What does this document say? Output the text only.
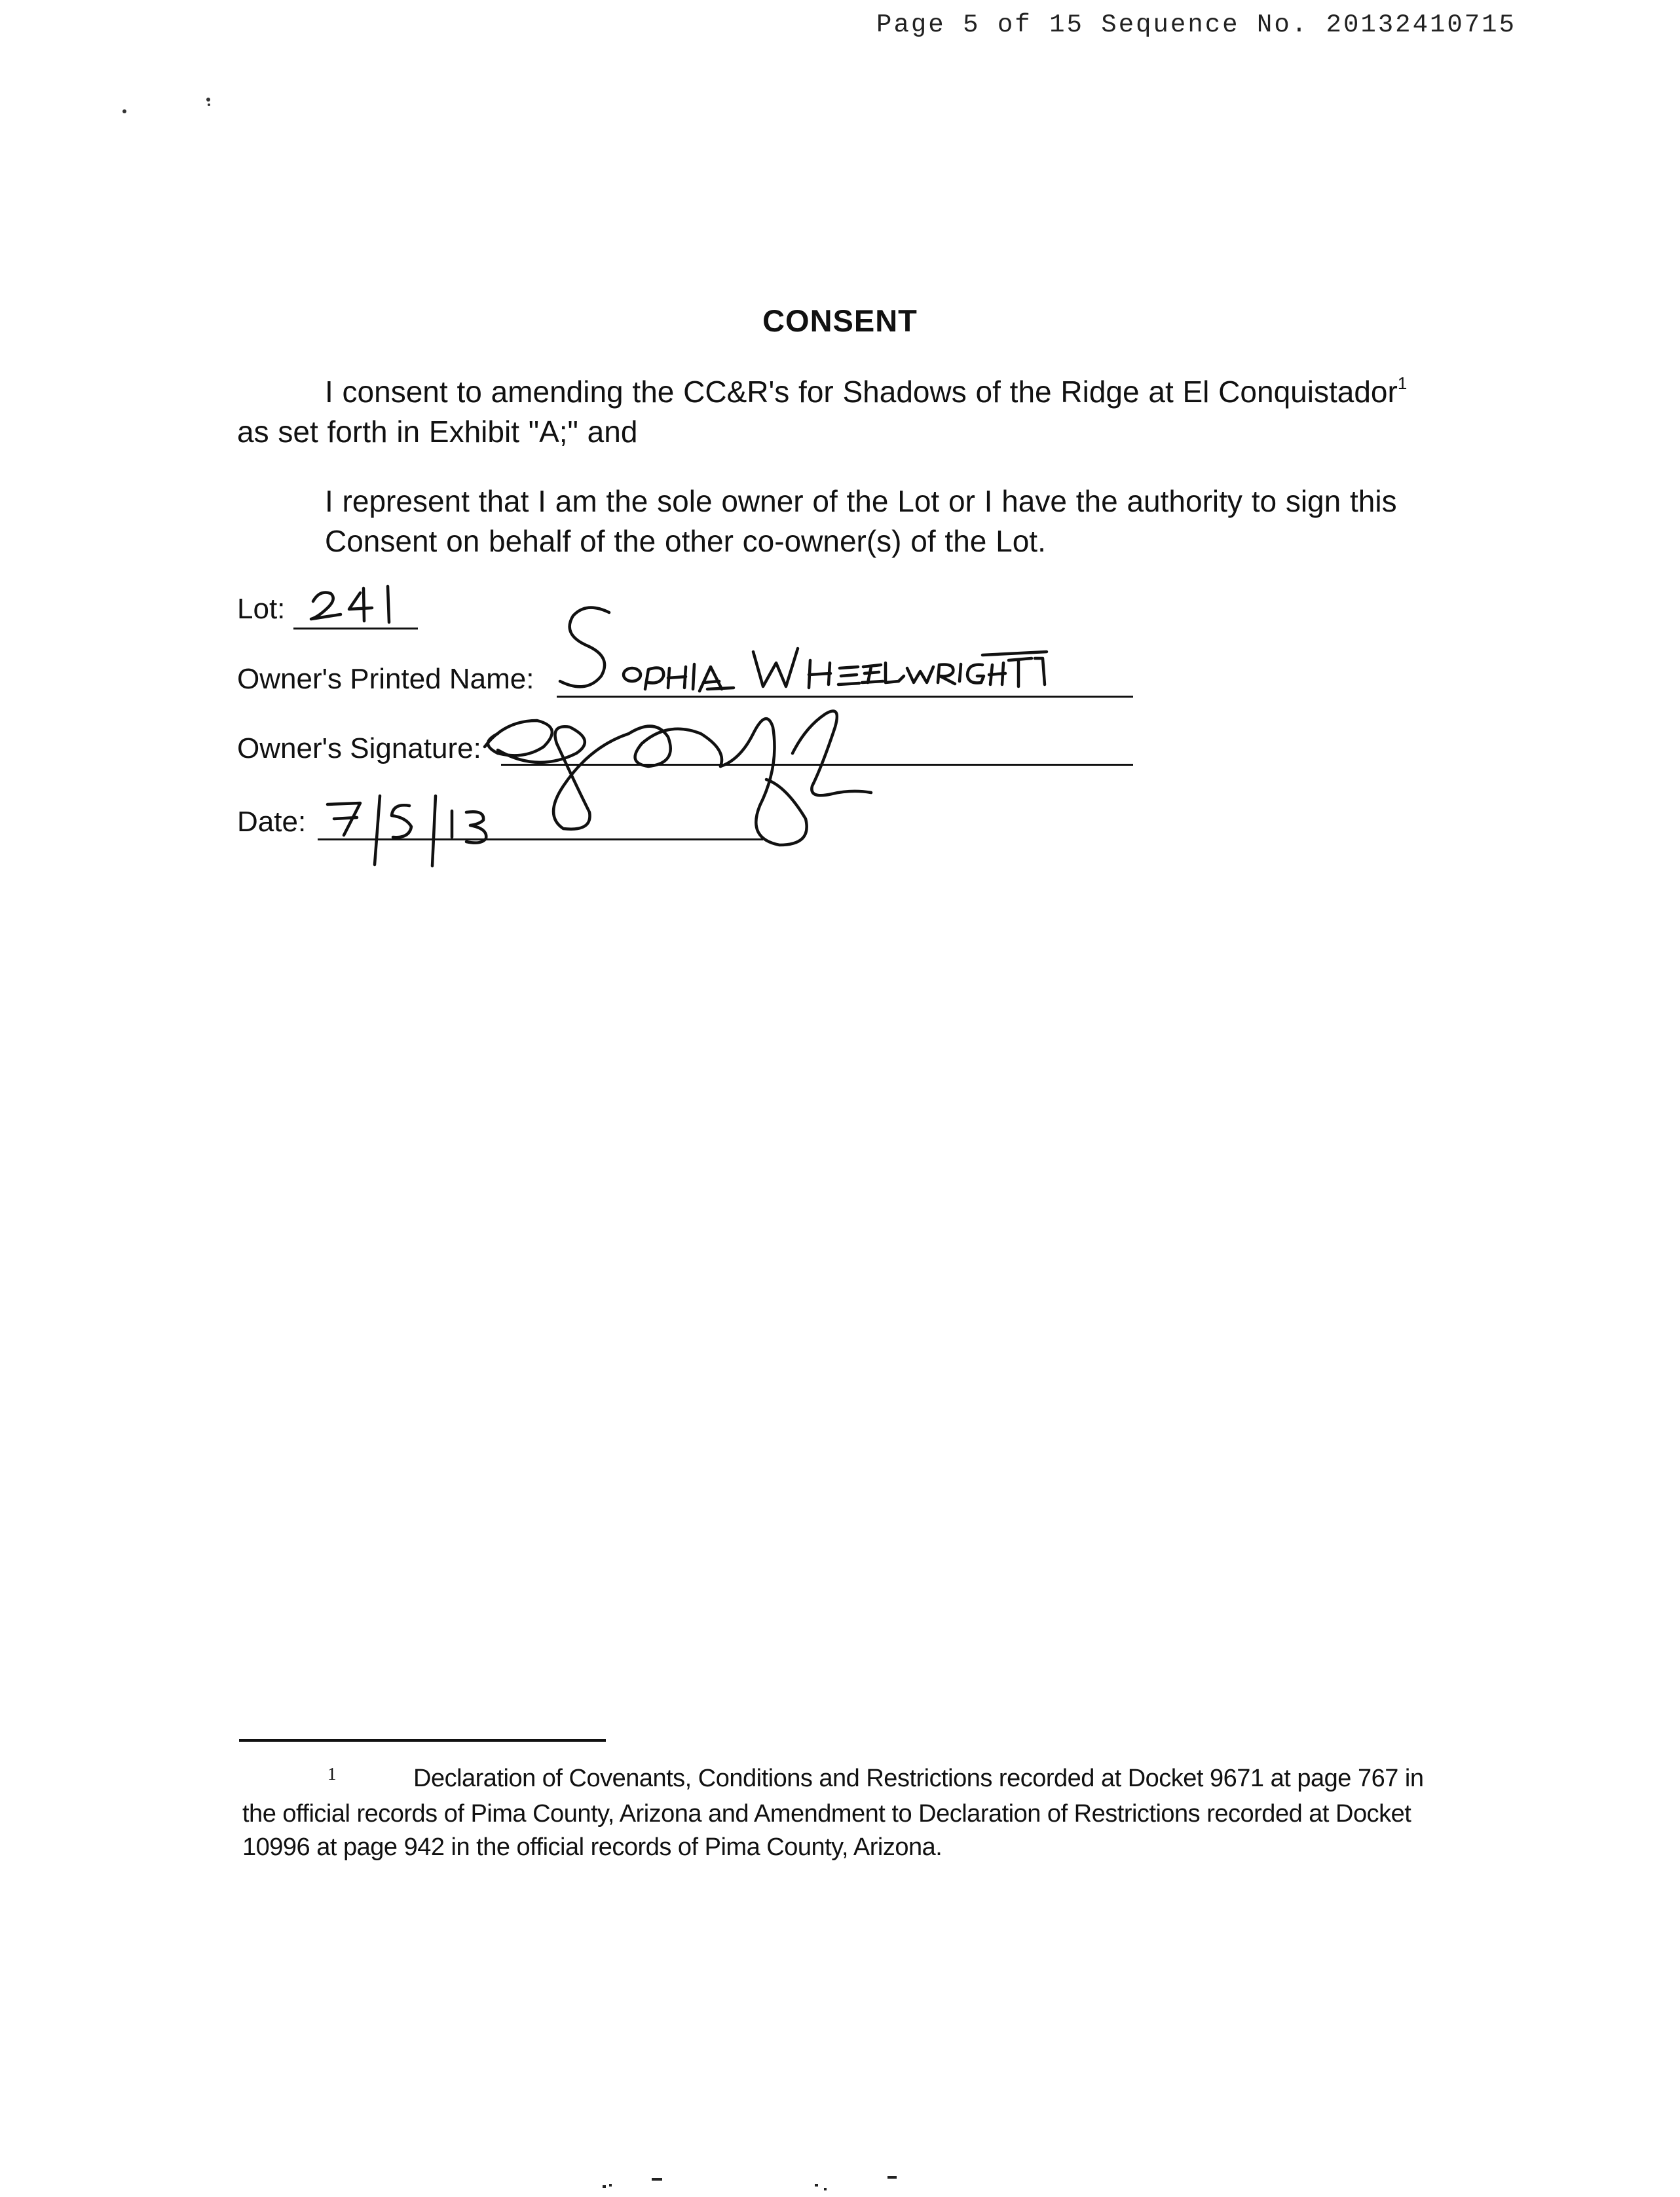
Page 5 of 15 Sequence No. 20132410715
CONSENT
I consent to amending the CC&R's for Shadows of the Ridge at El Conquistador$^1$
as set forth in Exhibit "A;" and
I represent that I am the sole owner of the Lot or I have the authority to sign this Consent on behalf of the other co-owner(s) of the Lot.
Lot:
Owner's Printed Name:
Owner's Signature:
Date:
$^1$	Declaration of Covenants, Conditions and Restrictions recorded at Docket 9671 at page 767 in the official records of Pima County, Arizona and Amendment to Declaration of Restrictions recorded at Docket 10996 at page 942 in the official records of Pima County, Arizona.
